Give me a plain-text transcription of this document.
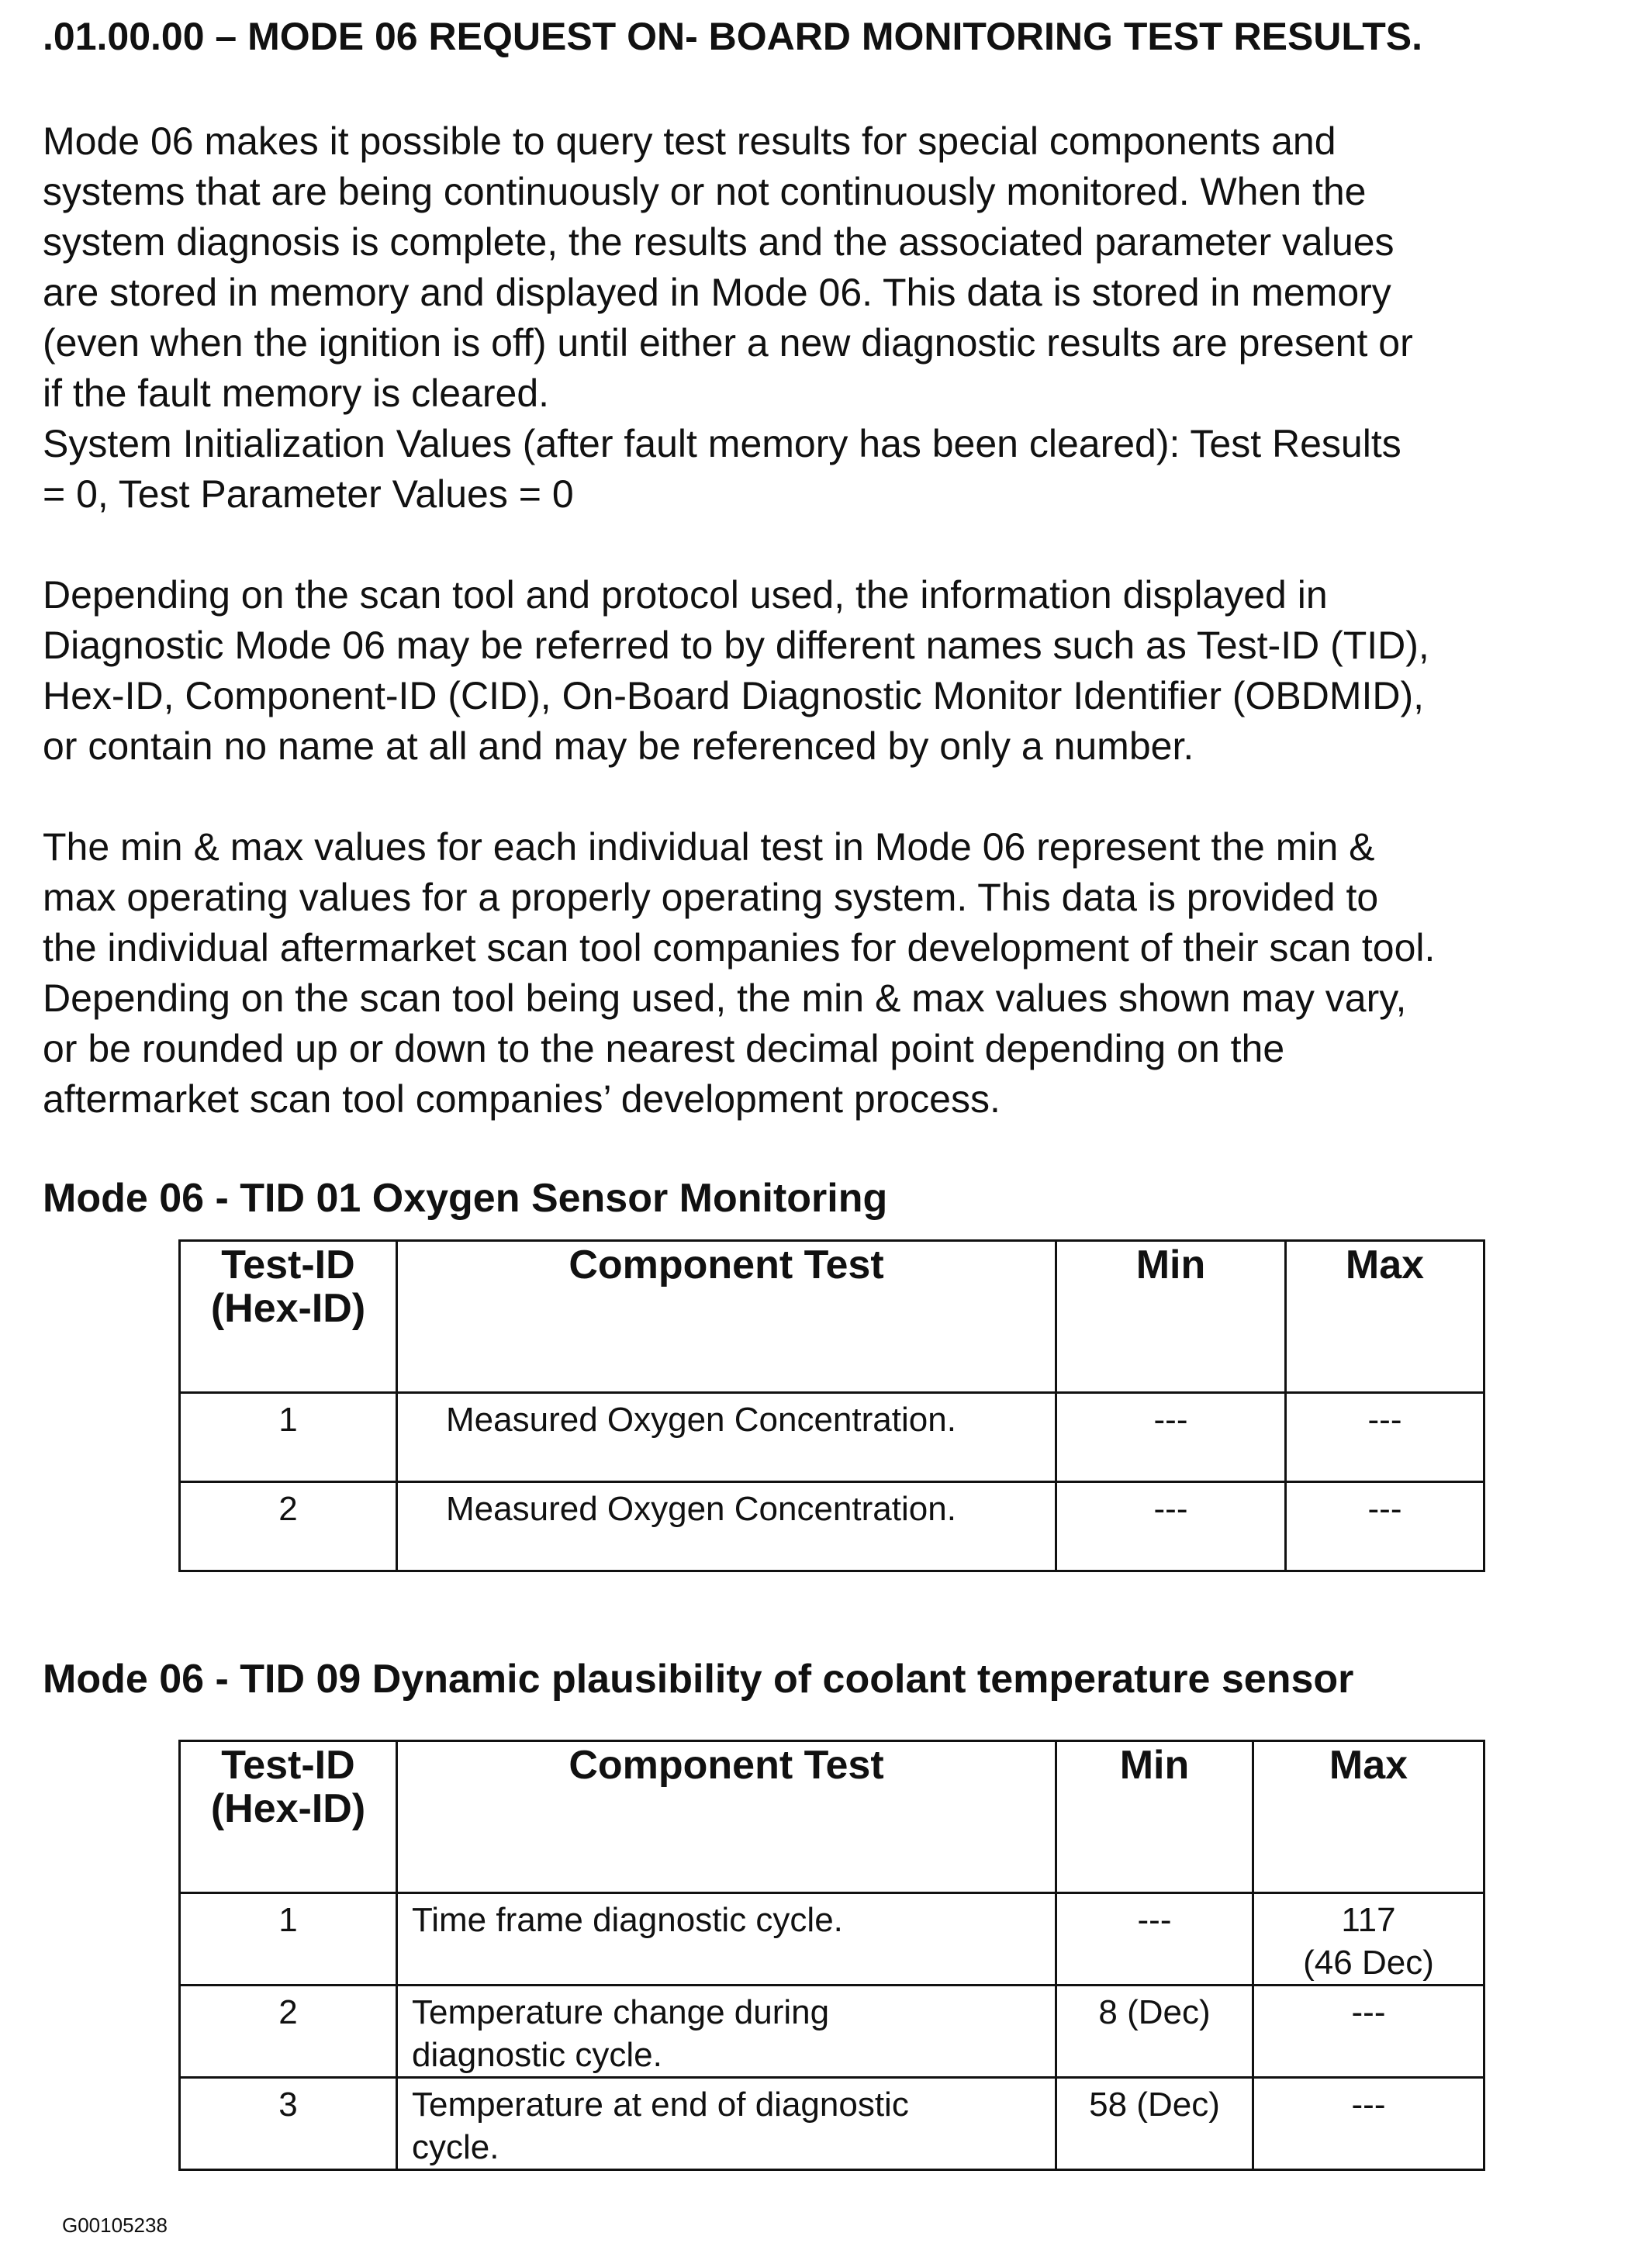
.01.00.00 – MODE 06 REQUEST ON- BOARD MONITORING TEST RESULTS.
Mode 06 makes it possible to query test results for special components and
systems that are being continuously or not continuously monitored. When the
system diagnosis is complete, the results and the associated parameter values
are stored in memory and displayed in Mode 06. This data is stored in memory
(even when the ignition is off) until either a new diagnostic results are present or
if the fault memory is cleared.
System Initialization Values (after fault memory has been cleared): Test Results
= 0, Test Parameter Values = 0
Depending on the scan tool and protocol used, the information displayed in
Diagnostic Mode 06 may be referred to by different names such as Test-ID (TID),
Hex-ID, Component-ID (CID), On-Board Diagnostic Monitor Identifier (OBDMID),
or contain no name at all and may be referenced by only a number.
The min & max values for each individual test in Mode 06 represent the min &
max operating values for a properly operating system. This data is provided to
the individual aftermarket scan tool companies for development of their scan tool.
Depending on the scan tool being used, the min & max values shown may vary,
or be rounded up or down to the nearest decimal point depending on the
aftermarket scan tool companies’ development process.
Mode 06 - TID 01 Oxygen Sensor Monitoring
Test-ID
(Hex-ID)	Component Test	Min	Max
1	Measured Oxygen Concentration.	---	---
2	Measured Oxygen Concentration.	---	---
Mode 06 - TID 09 Dynamic plausibility of coolant temperature sensor
Test-ID
(Hex-ID)	Component Test	Min	Max
1	Time frame diagnostic cycle.	---	117
(46 Dec)
2	Temperature change during
diagnostic cycle.	8 (Dec)	---
3	Temperature at end of diagnostic
cycle.	58 (Dec)	---
G00105238
